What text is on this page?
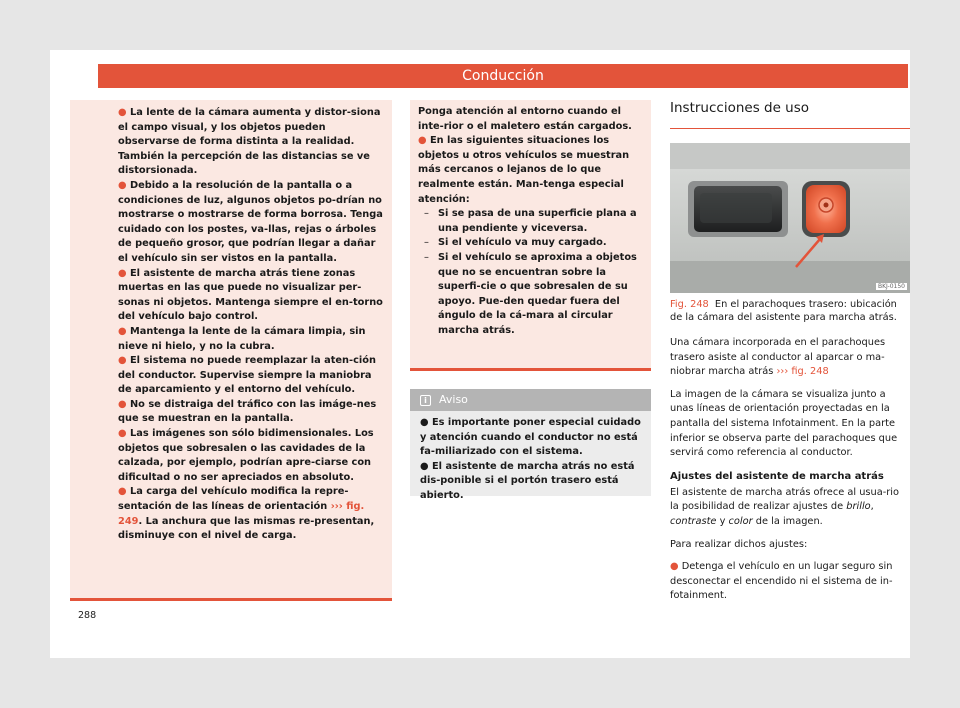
Conducción

● La lente de la cámara aumenta y distor-siona el campo visual, y los objetos pueden observarse de forma distinta a la realidad. También la percepción de las distancias se ve distorsionada.

● Debido a la resolución de la pantalla o a condiciones de luz, algunos objetos po-drían no mostrarse o mostrarse de forma borrosa. Tenga cuidado con los postes, va-llas, rejas o árboles de pequeño grosor, que podrían llegar a dañar el vehículo sin ser vistos en la pantalla.

● El asistente de marcha atrás tiene zonas muertas en las que puede no visualizar per-sonas ni objetos. Mantenga siempre el en-torno del vehículo bajo control.

● Mantenga la lente de la cámara limpia, sin nieve ni hielo, y no la cubra.

● El sistema no puede reemplazar la aten-ción del conductor. Supervise siempre la maniobra de aparcamiento y el entorno del vehículo.

● No se distraiga del tráfico con las imáge-nes que se muestran en la pantalla.

● Las imágenes son sólo bidimensionales. Los objetos que sobresalen o las cavidades de la calzada, por ejemplo, podrían apre-ciarse con dificultad o no ser apreciados en absoluto.

● La carga del vehículo modifica la repre-sentación de las líneas de orientación ››› fig. 249. La anchura que las mismas re-presentan, disminuye con el nivel de carga.

Ponga atención al entorno cuando el inte-rior o el maletero están cargados.

● En las siguientes situaciones los objetos u otros vehículos se muestran más cercanos o lejanos de lo que realmente están. Man-tenga especial atención:

– Si se pasa de una superficie plana a una pendiente y viceversa.
– Si el vehículo va muy cargado.
– Si el vehículo se aproxima a objetos que no se encuentran sobre la superfi-cie o que sobresalen de su apoyo. Pue-den quedar fuera del ángulo de la cá-mara al circular marcha atrás.
i	Aviso

● Es importante poner especial cuidado y atención cuando el conductor no está fa-miliarizado con el sistema.

● El asistente de marcha atrás no está dis-ponible si el portón trasero está abierto.

Instrucciones de uso
BKJ-0150

Fig. 248 En el parachoques trasero: ubicación de la cámara del asistente para marcha atrás.

Una cámara incorporada en el parachoques trasero asiste al conductor al aparcar o ma-niobrar marcha atrás ››› fig. 248

La imagen de la cámara se visualiza junto a unas líneas de orientación proyectadas en la pantalla del sistema Infotainment. En la parte inferior se observa parte del parachoques que servirá como referencia al conductor.

Ajustes del asistente de marcha atrás

El asistente de marcha atrás ofrece al usua-rio la posibilidad de realizar ajustes de brillo, contraste y color de la imagen.

Para realizar dichos ajustes:

● Detenga el vehículo en un lugar seguro sin desconectar el encendido ni el sistema de in-fotainment.

288
